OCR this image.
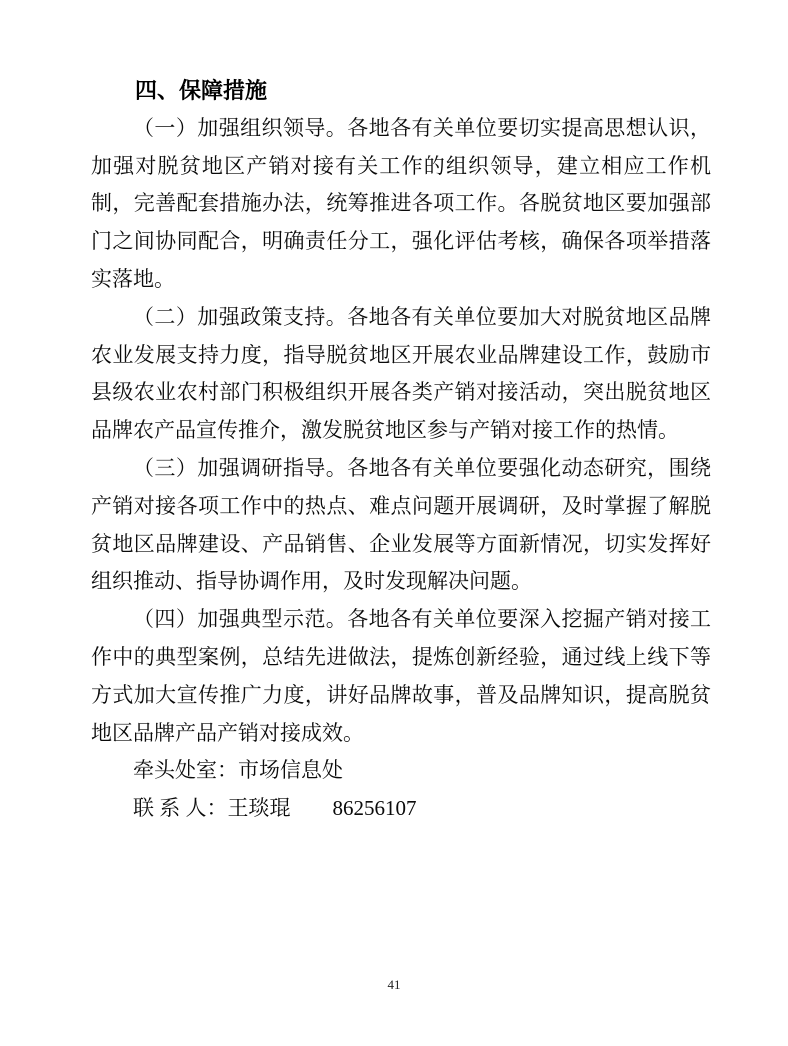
四、保障措施

（一）加强组织领导。各地各有关单位要切实提高思想认识，加强对脱贫地区产销对接有关工作的组织领导，建立相应工作机制，完善配套措施办法，统筹推进各项工作。各脱贫地区要加强部门之间协同配合，明确责任分工，强化评估考核，确保各项举措落实落地。

（二）加强政策支持。各地各有关单位要加大对脱贫地区品牌农业发展支持力度，指导脱贫地区开展农业品牌建设工作，鼓励市县级农业农村部门积极组织开展各类产销对接活动，突出脱贫地区品牌农产品宣传推介，激发脱贫地区参与产销对接工作的热情。

（三）加强调研指导。各地各有关单位要强化动态研究，围绕产销对接各项工作中的热点、难点问题开展调研，及时掌握了解脱贫地区品牌建设、产品销售、企业发展等方面新情况，切实发挥好组织推动、指导协调作用，及时发现解决问题。

（四）加强典型示范。各地各有关单位要深入挖掘产销对接工作中的典型案例，总结先进做法，提炼创新经验，通过线上线下等方式加大宣传推广力度，讲好品牌故事，普及品牌知识，提高脱贫地区品牌产品产销对接成效。

牵头处室：市场信息处

联 系 人：王琰琨　　86256107

41
